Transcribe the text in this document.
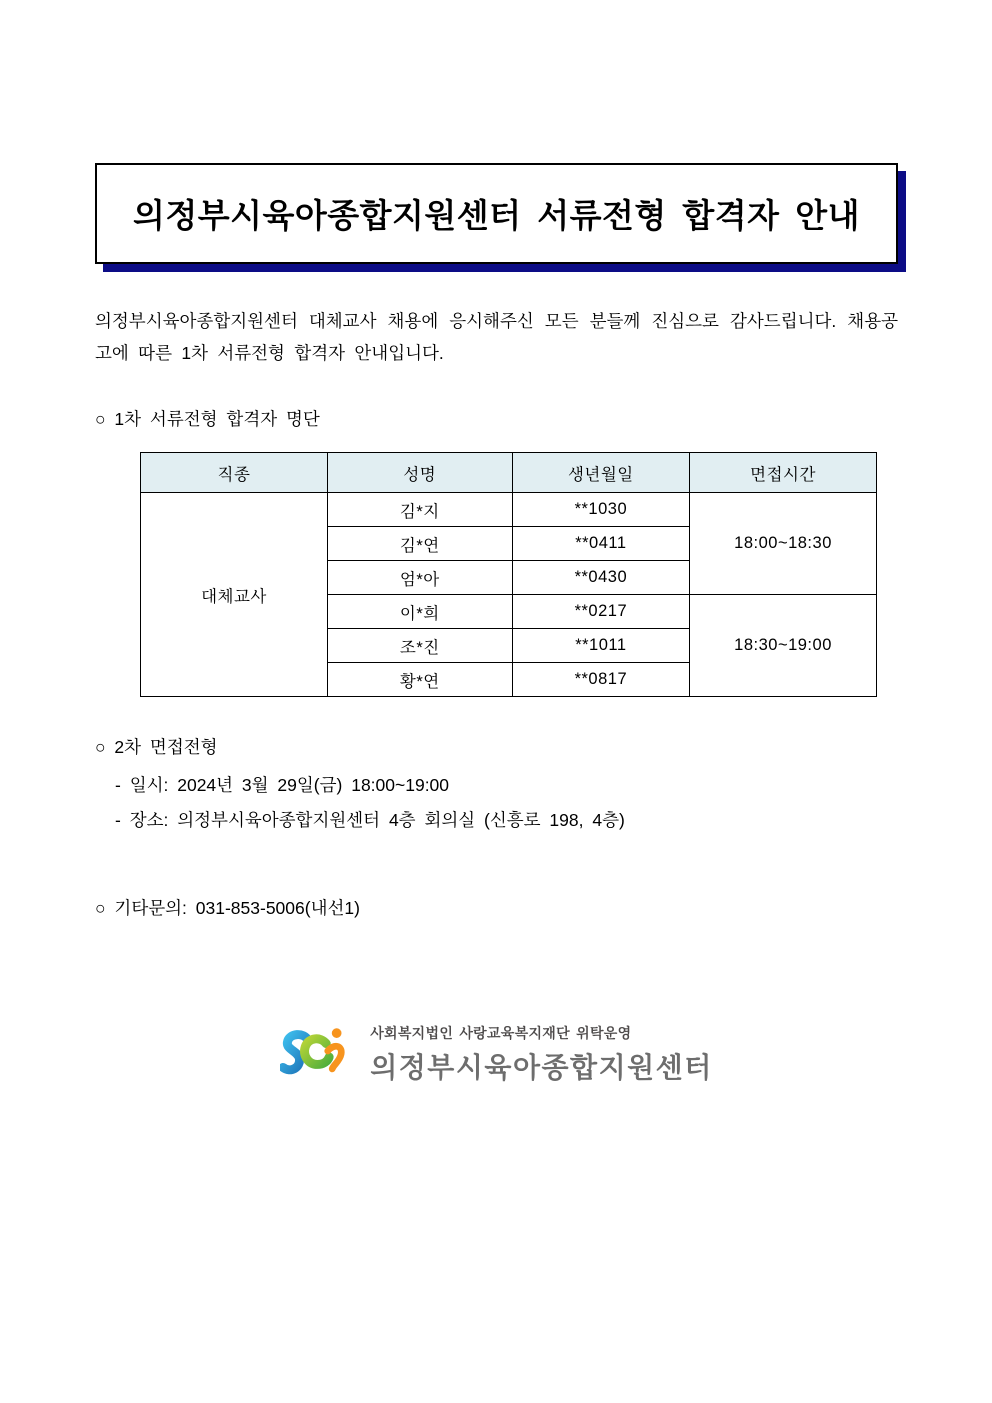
의정부시육아종합지원센터 서류전형 합격자 안내

의정부시육아종합지원센터 대체교사 채용에 응시해주신 모든 분들께 진심으로 감사드립니다. 채용공고에 따른 1차 서류전형 합격자 안내입니다.

○ 1차 서류전형 합격자 명단
직종	성명	생년월일	면접시간
대체교사	김*지	**1030	18:00~18:30
	김*연	**0411	
	엄*아	**0430	
	이*희	**0217	18:30~19:00
	조*진	**1011	
	황*연	**0817	
○ 2차 면접전형
- 일시: 2024년 3월 29일(금) 18:00~19:00
- 장소: 의정부시육아종합지원센터 4층 회의실 (신흥로 198, 4층)
○ 기타문의: 031-853-5006(내선1)
사회복지법인 사랑교육복지재단 위탁운영
의정부시육아종합지원센터
